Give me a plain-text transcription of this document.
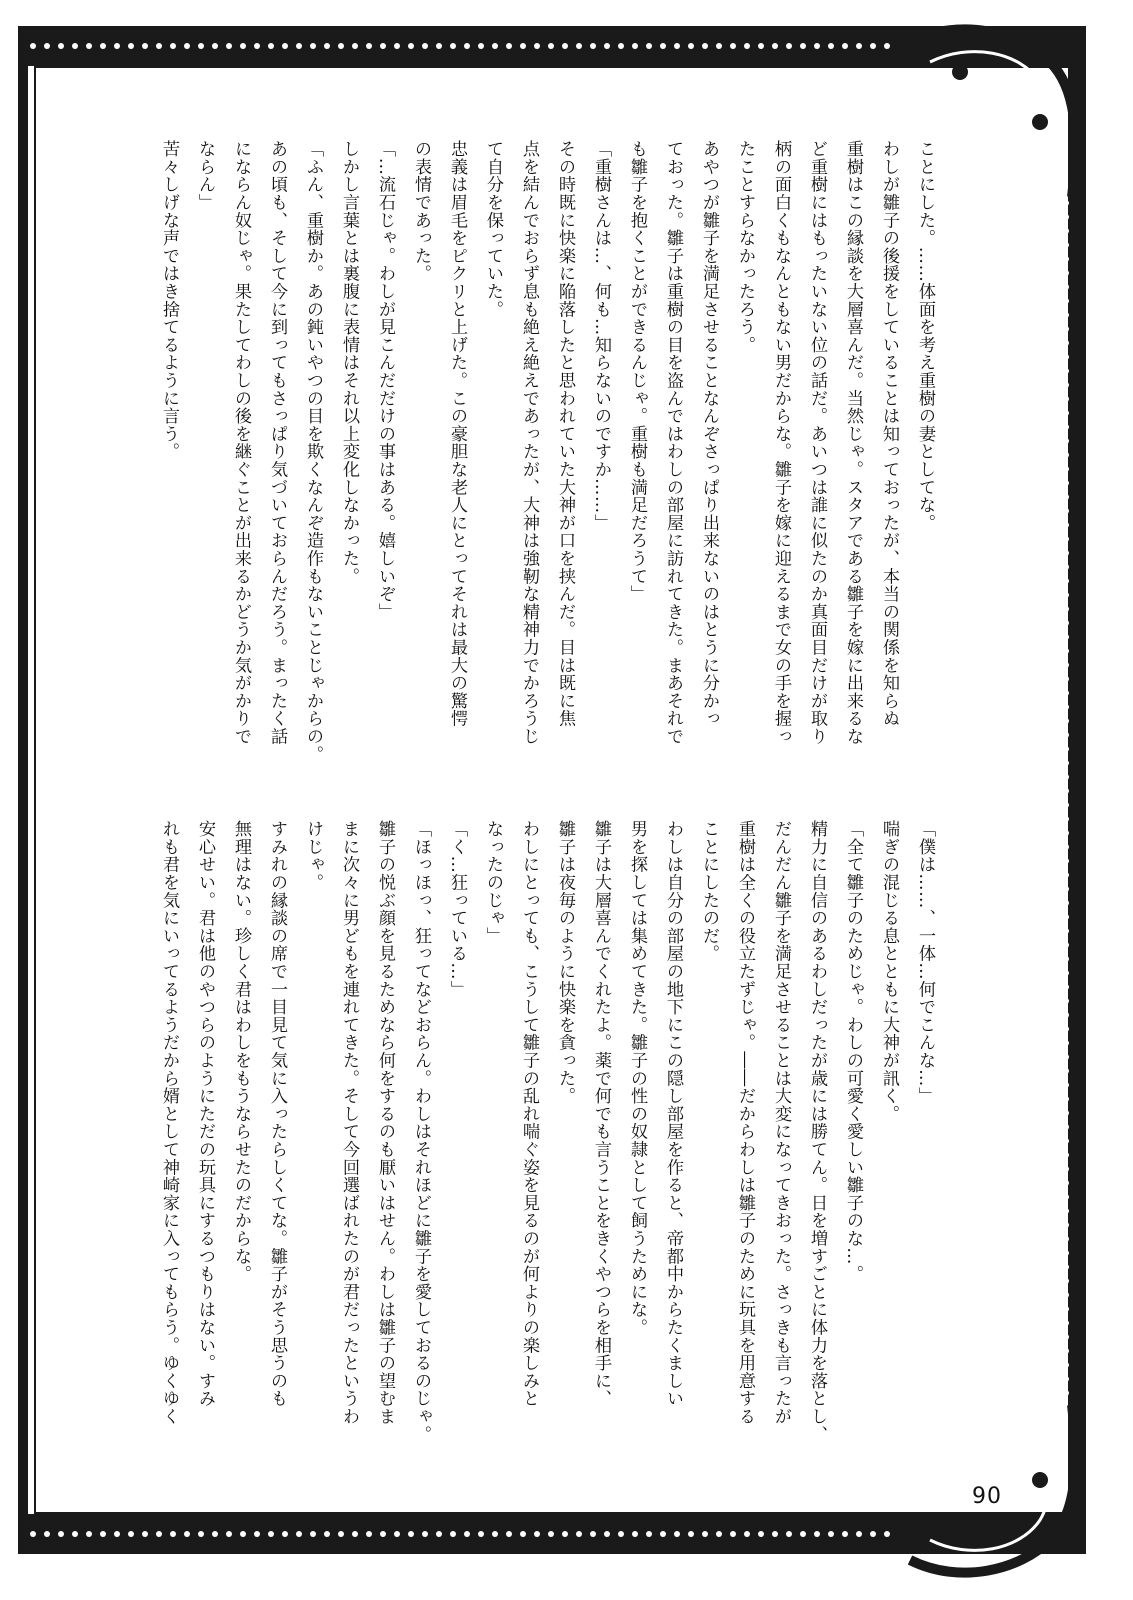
ことにした。……体面を考え重樹の妻としてな。
わしが雛子の後援をしていることは知っておったが、本当の関係を知らぬ
重樹はこの縁談を大層喜んだ。当然じゃ。スタアである雛子を嫁に出来るな
ど重樹にはもったいない位の話だ。あいつは誰に似たのか真面目だけが取り
柄の面白くもなんともない男だからな。雛子を嫁に迎えるまで女の手を握っ
たことすらなかったろう。
あやつが雛子を満足させることなんぞさっぱり出来ないのはとうに分かっ
ておった。雛子は重樹の目を盗んではわしの部屋に訪れてきた。まあそれで
も雛子を抱くことができるんじゃ。重樹も満足だろうて」
「重樹さんは…、何も…知らないのですか……」
その時既に快楽に陥落したと思われていた大神が口を挟んだ。目は既に焦
点を結んでおらず息も絶え絶えであったが、大神は強靭な精神力でかろうじ
て自分を保っていた。
忠義は眉毛をピクリと上げた。この豪胆な老人にとってそれは最大の驚愕
の表情であった。
「…流石じゃ。わしが見こんだだけの事はある。嬉しいぞ」
しかし言葉とは裏腹に表情はそれ以上変化しなかった。
「ふん、重樹か。あの鈍いやつの目を欺くなんぞ造作もないことじゃからの。
あの頃も、そして今に到ってもさっぱり気づいておらんだろう。まったく話
にならん奴じゃ。果たしてわしの後を継ぐことが出来るかどうか気がかりで
ならん」
苦々しげな声ではき捨てるように言う。
「僕は……、一体…何でこんな…」
喘ぎの混じる息とともに大神が訊く。
「全て雛子のためじゃ。わしの可愛く愛しい雛子のな…。
精力に自信のあるわしだったが歳には勝てん。日を増すごとに体力を落とし、
だんだん雛子を満足させることは大変になってきおった。さっきも言ったが
重樹は全くの役立たずじゃ。――だからわしは雛子のために玩具を用意する
ことにしたのだ。
わしは自分の部屋の地下にこの隠し部屋を作ると、帝都中からたくましい
男を探しては集めてきた。雛子の性の奴隷として飼うためにな。
雛子は大層喜んでくれたよ。薬で何でも言うことをきくやつらを相手に、
雛子は夜毎のように快楽を貪った。
わしにとっても、こうして雛子の乱れ喘ぐ姿を見るのが何よりの楽しみと
なったのじゃ」
「く…狂っている…」
「ほっほっ、狂ってなどおらん。わしはそれほどに雛子を愛しておるのじゃ。
雛子の悦ぶ顔を見るためなら何をするのも厭いはせん。わしは雛子の望むま
まに次々に男どもを連れてきた。そして今回選ばれたのが君だったというわ
けじゃ。
すみれの縁談の席で一目見て気に入ったらしくてな。雛子がそう思うのも
無理はない。珍しく君はわしをもうならせたのだからな。
安心せい。君は他のやつらのようにただの玩具にするつもりはない。すみ
れも君を気にいってるようだから婿として神崎家に入ってもらう。ゆくゆく
90
